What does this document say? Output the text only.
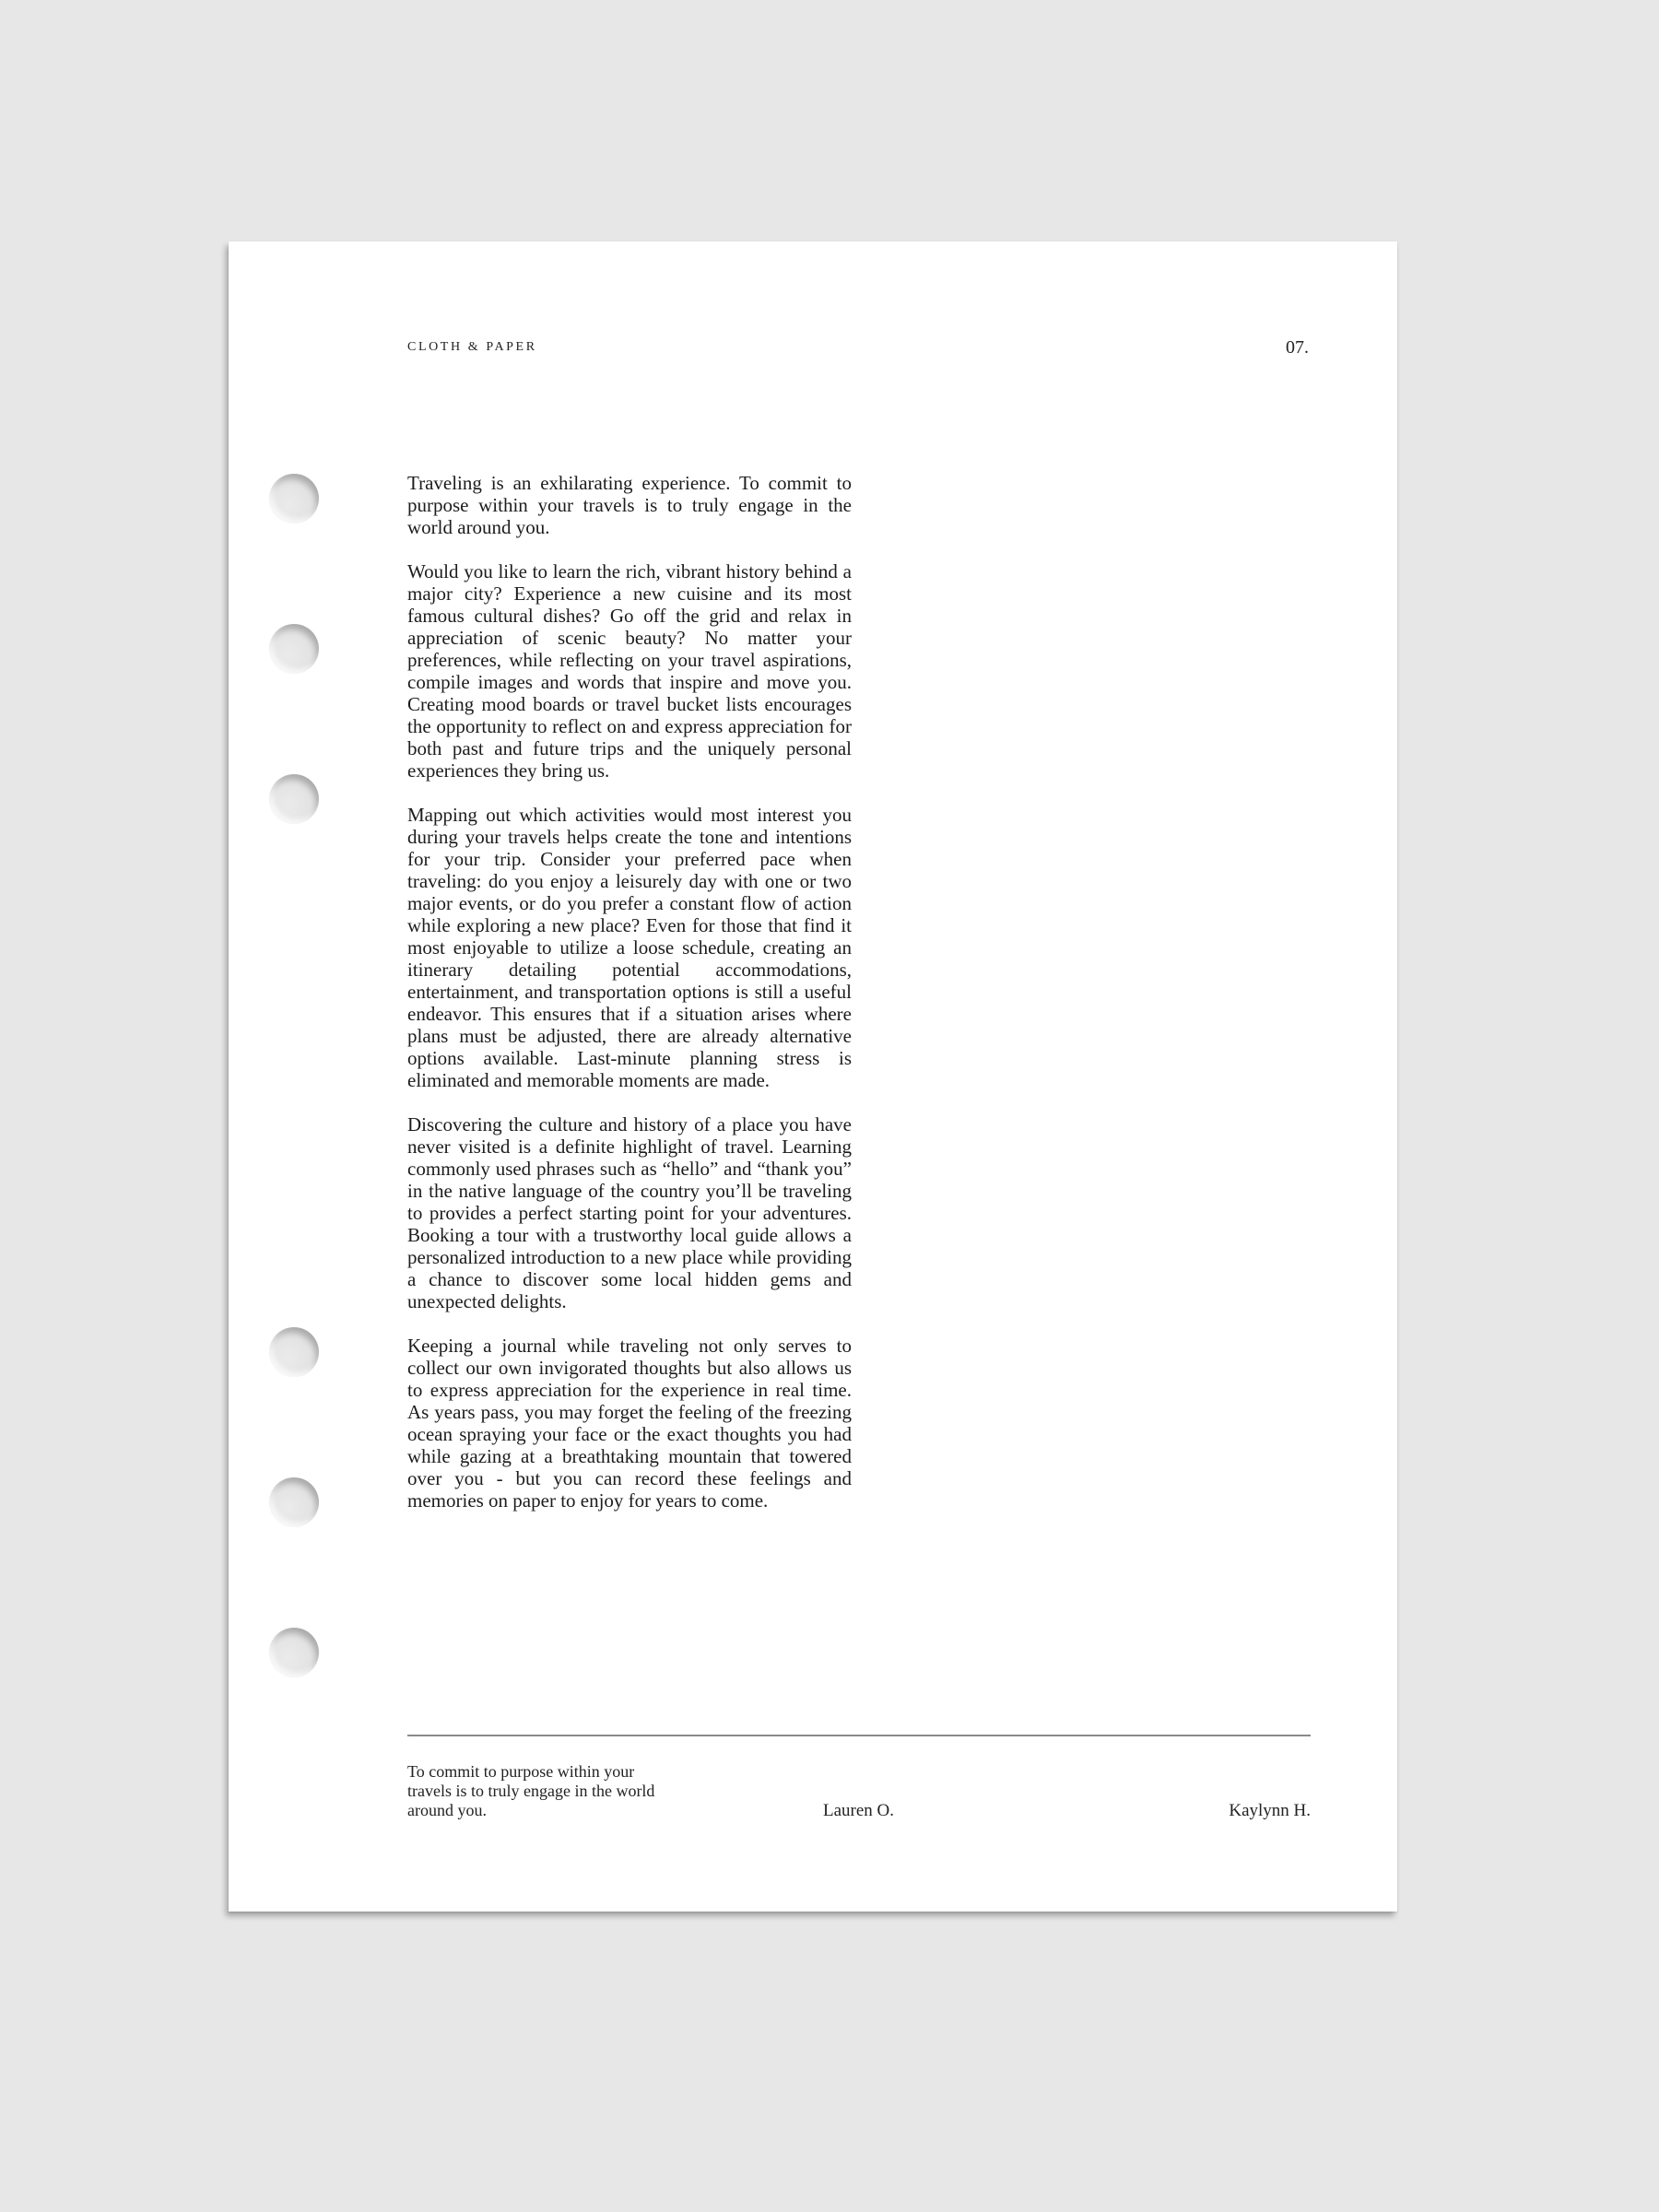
CLOTH & PAPER	07.

Traveling is an exhilarating experience. To commit to purpose within your travels is to truly engage in the world around you.

Would you like to learn the rich, vibrant history behind a major city? Experience a new cuisine and its most famous cultural dishes? Go off the grid and relax in appreciation of scenic beauty? No matter your preferences, while reflecting on your travel aspirations, compile images and words that inspire and move you. Creating mood boards or travel bucket lists encourages the opportunity to reflect on and express appreciation for both past and future trips and the uniquely personal experiences they bring us.

Mapping out which activities would most interest you during your travels helps create the tone and intentions for your trip. Consider your preferred pace when traveling: do you enjoy a leisurely day with one or two major events, or do you prefer a constant flow of action while exploring a new place? Even for those that find it most enjoyable to utilize a loose schedule, creating an itinerary detailing potential accommodations, entertainment, and transportation options is still a useful endeavor. This ensures that if a situation arises where plans must be adjusted, there are already alternative options available. Last-minute planning stress is eliminated and memorable moments are made.

Discovering the culture and history of a place you have never visited is a definite highlight of travel. Learning commonly used phrases such as “hello” and “thank you” in the native language of the country you’ll be traveling to provides a perfect starting point for your adventures. Booking a tour with a trustworthy local guide allows a personalized introduction to a new place while providing a chance to discover some local hidden gems and unexpected delights.

Keeping a journal while traveling not only serves to collect our own invigorated thoughts but also allows us to express appreciation for the experience in real time. As years pass, you may forget the feeling of the freezing ocean spraying your face or the exact thoughts you had while gazing at a breathtaking mountain that towered over you - but you can record these feelings and memories on paper to enjoy for years to come.

To commit to purpose within your travels is to truly engage in the world around you.	Lauren O.	Kaylynn H.
